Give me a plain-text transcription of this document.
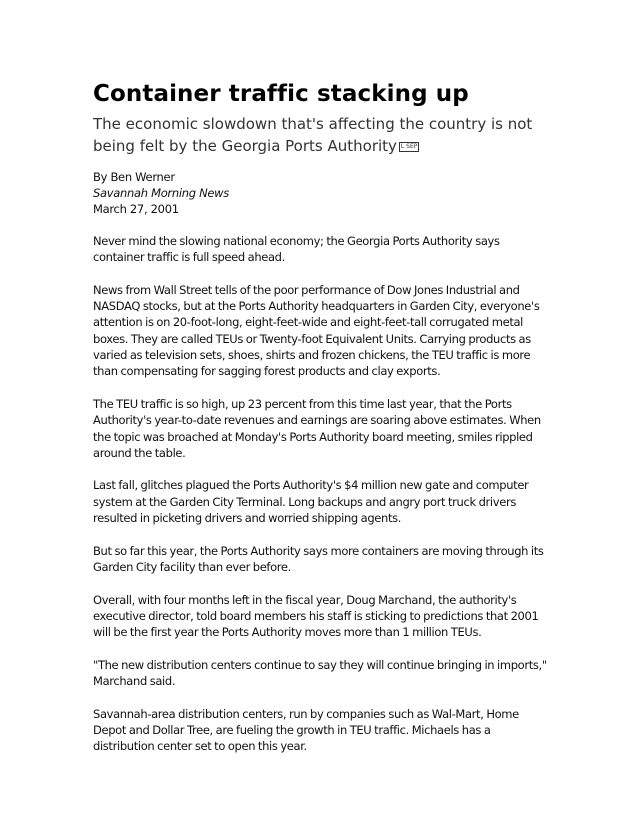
Container traffic stacking up
The economic slowdown that's affecting the country is not being felt by the Georgia Ports Authority L SEP
By Ben Werner
Savannah Morning News
March 27, 2001

Never mind the slowing national economy; the Georgia Ports Authority says container traffic is full speed ahead.

News from Wall Street tells of the poor performance of Dow Jones Industrial and NASDAQ stocks, but at the Ports Authority headquarters in Garden City, everyone's attention is on 20-foot-long, eight-feet-wide and eight-feet-tall corrugated metal boxes. They are called TEUs or Twenty-foot Equivalent Units. Carrying products as varied as television sets, shoes, shirts and frozen chickens, the TEU traffic is more than compensating for sagging forest products and clay exports.

The TEU traffic is so high, up 23 percent from this time last year, that the Ports Authority's year-to-date revenues and earnings are soaring above estimates. When the topic was broached at Monday's Ports Authority board meeting, smiles rippled around the table.

Last fall, glitches plagued the Ports Authority's $4 million new gate and computer system at the Garden City Terminal. Long backups and angry port truck drivers resulted in picketing drivers and worried shipping agents.

But so far this year, the Ports Authority says more containers are moving through its Garden City facility than ever before.

Overall, with four months left in the fiscal year, Doug Marchand, the authority's executive director, told board members his staff is sticking to predictions that 2001 will be the first year the Ports Authority moves more than 1 million TEUs.

"The new distribution centers continue to say they will continue bringing in imports," Marchand said.

Savannah-area distribution centers, run by companies such as Wal-Mart, Home Depot and Dollar Tree, are fueling the growth in TEU traffic. Michaels has a distribution center set to open this year.
